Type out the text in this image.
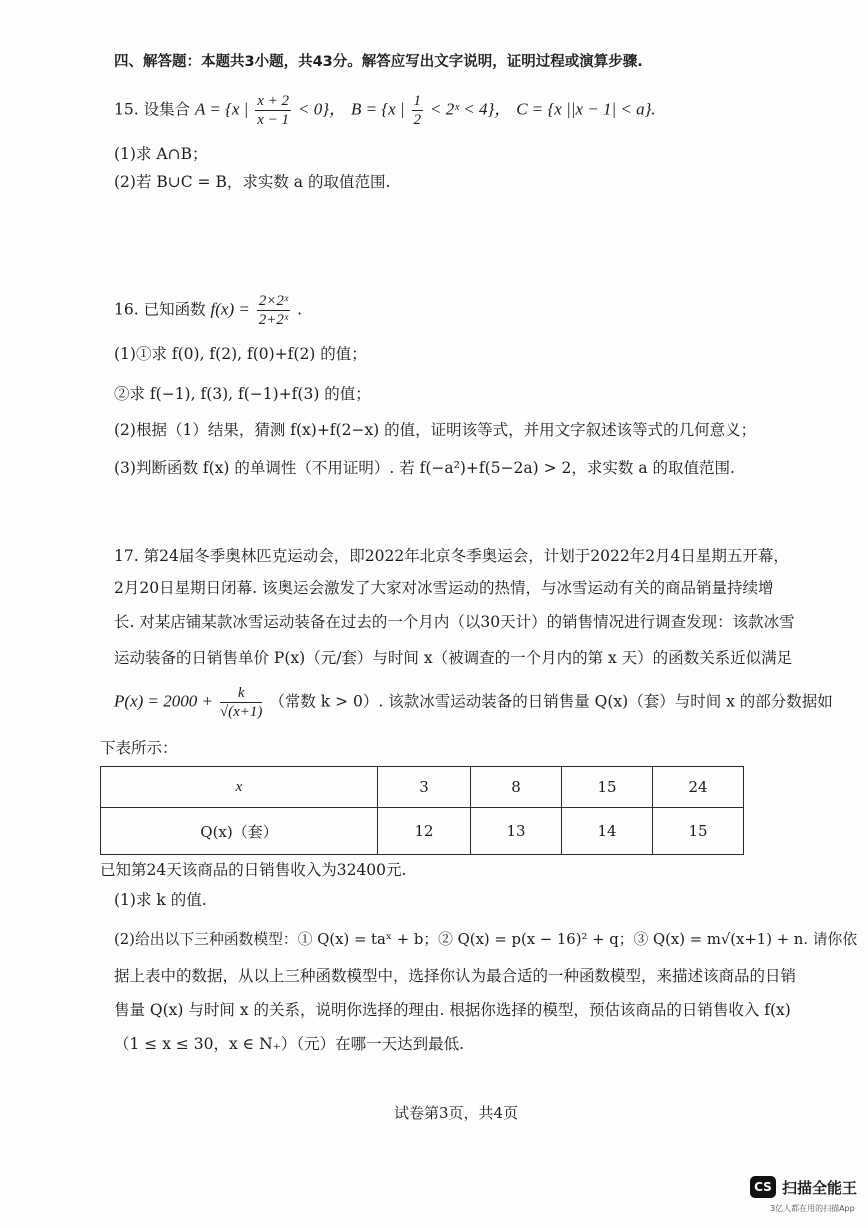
四、解答题：本题共3小题，共43分。解答应写出文字说明，证明过程或演算步骤.
15. 设集合 A = {x | $\frac{x + 2}{x - 1} < 0$}， B = {x | $\frac{1}{2}$ < 2ˣ < 4}， C = {x ||x − 1| < a}.
(1)求 A∩B；
(2)若 B∪C = B，求实数 a 的取值范围.
16. 已知函数 $f(x) = \frac{\text{2×2ˣ}}{\text{2+2ˣ}}$ .
(1)①求 f(0), f(2), f(0)+f(2) 的值；
②求 f(−1), f(3), f(−1)+f(3) 的值；
(2)根据（1）结果，猜测 f(x)+f(2−x) 的值，证明该等式，并用文字叙述该等式的几何意义；
(3)判断函数 f(x) 的单调性（不用证明）. 若 f(−a²)+f(5−2a) > 2，求实数 a 的取值范围.
17. 第24届冬季奥林匹克运动会，即2022年北京冬季奥运会，计划于2022年2月4日星期五开幕，
2月20日星期日闭幕. 该奥运会激发了大家对冰雪运动的热情，与冰雪运动有关的商品销量持续增
长. 对某店铺某款冰雪运动装备在过去的一个月内（以30天计）的销售情况进行调查发现：该款冰雪
运动装备的日销售单价 P(x)（元/套）与时间 x（被调查的一个月内的第 x 天）的函数关系近似满足
$P(x) = 2000 + \frac{k}{√(x+1)}$ （常数 k > 0）. 该款冰雪运动装备的日销售量 Q(x)（套）与时间 x 的部分数据如
下表所示：
x	3	8	15	24
Q(x)（套）	12	13	14	15
已知第24天该商品的日销售收入为32400元.
(1)求 k 的值.
(2)给出以下三种函数模型：① Q(x) = taˣ + b；② Q(x) = p(x − 16)² + q；③ Q(x) = m√(x+1) + n. 请你依
据上表中的数据，从以上三种函数模型中，选择你认为最合适的一种函数模型，来描述该商品的日销
售量 Q(x) 与时间 x 的关系，说明你选择的理由. 根据你选择的模型，预估该商品的日销售收入 f(x)
（1 ≤ x ≤ 30，x ∈ N₊）（元）在哪一天达到最低.
试卷第3页，共4页
CS 扫描全能王
3亿人都在用的扫描App
